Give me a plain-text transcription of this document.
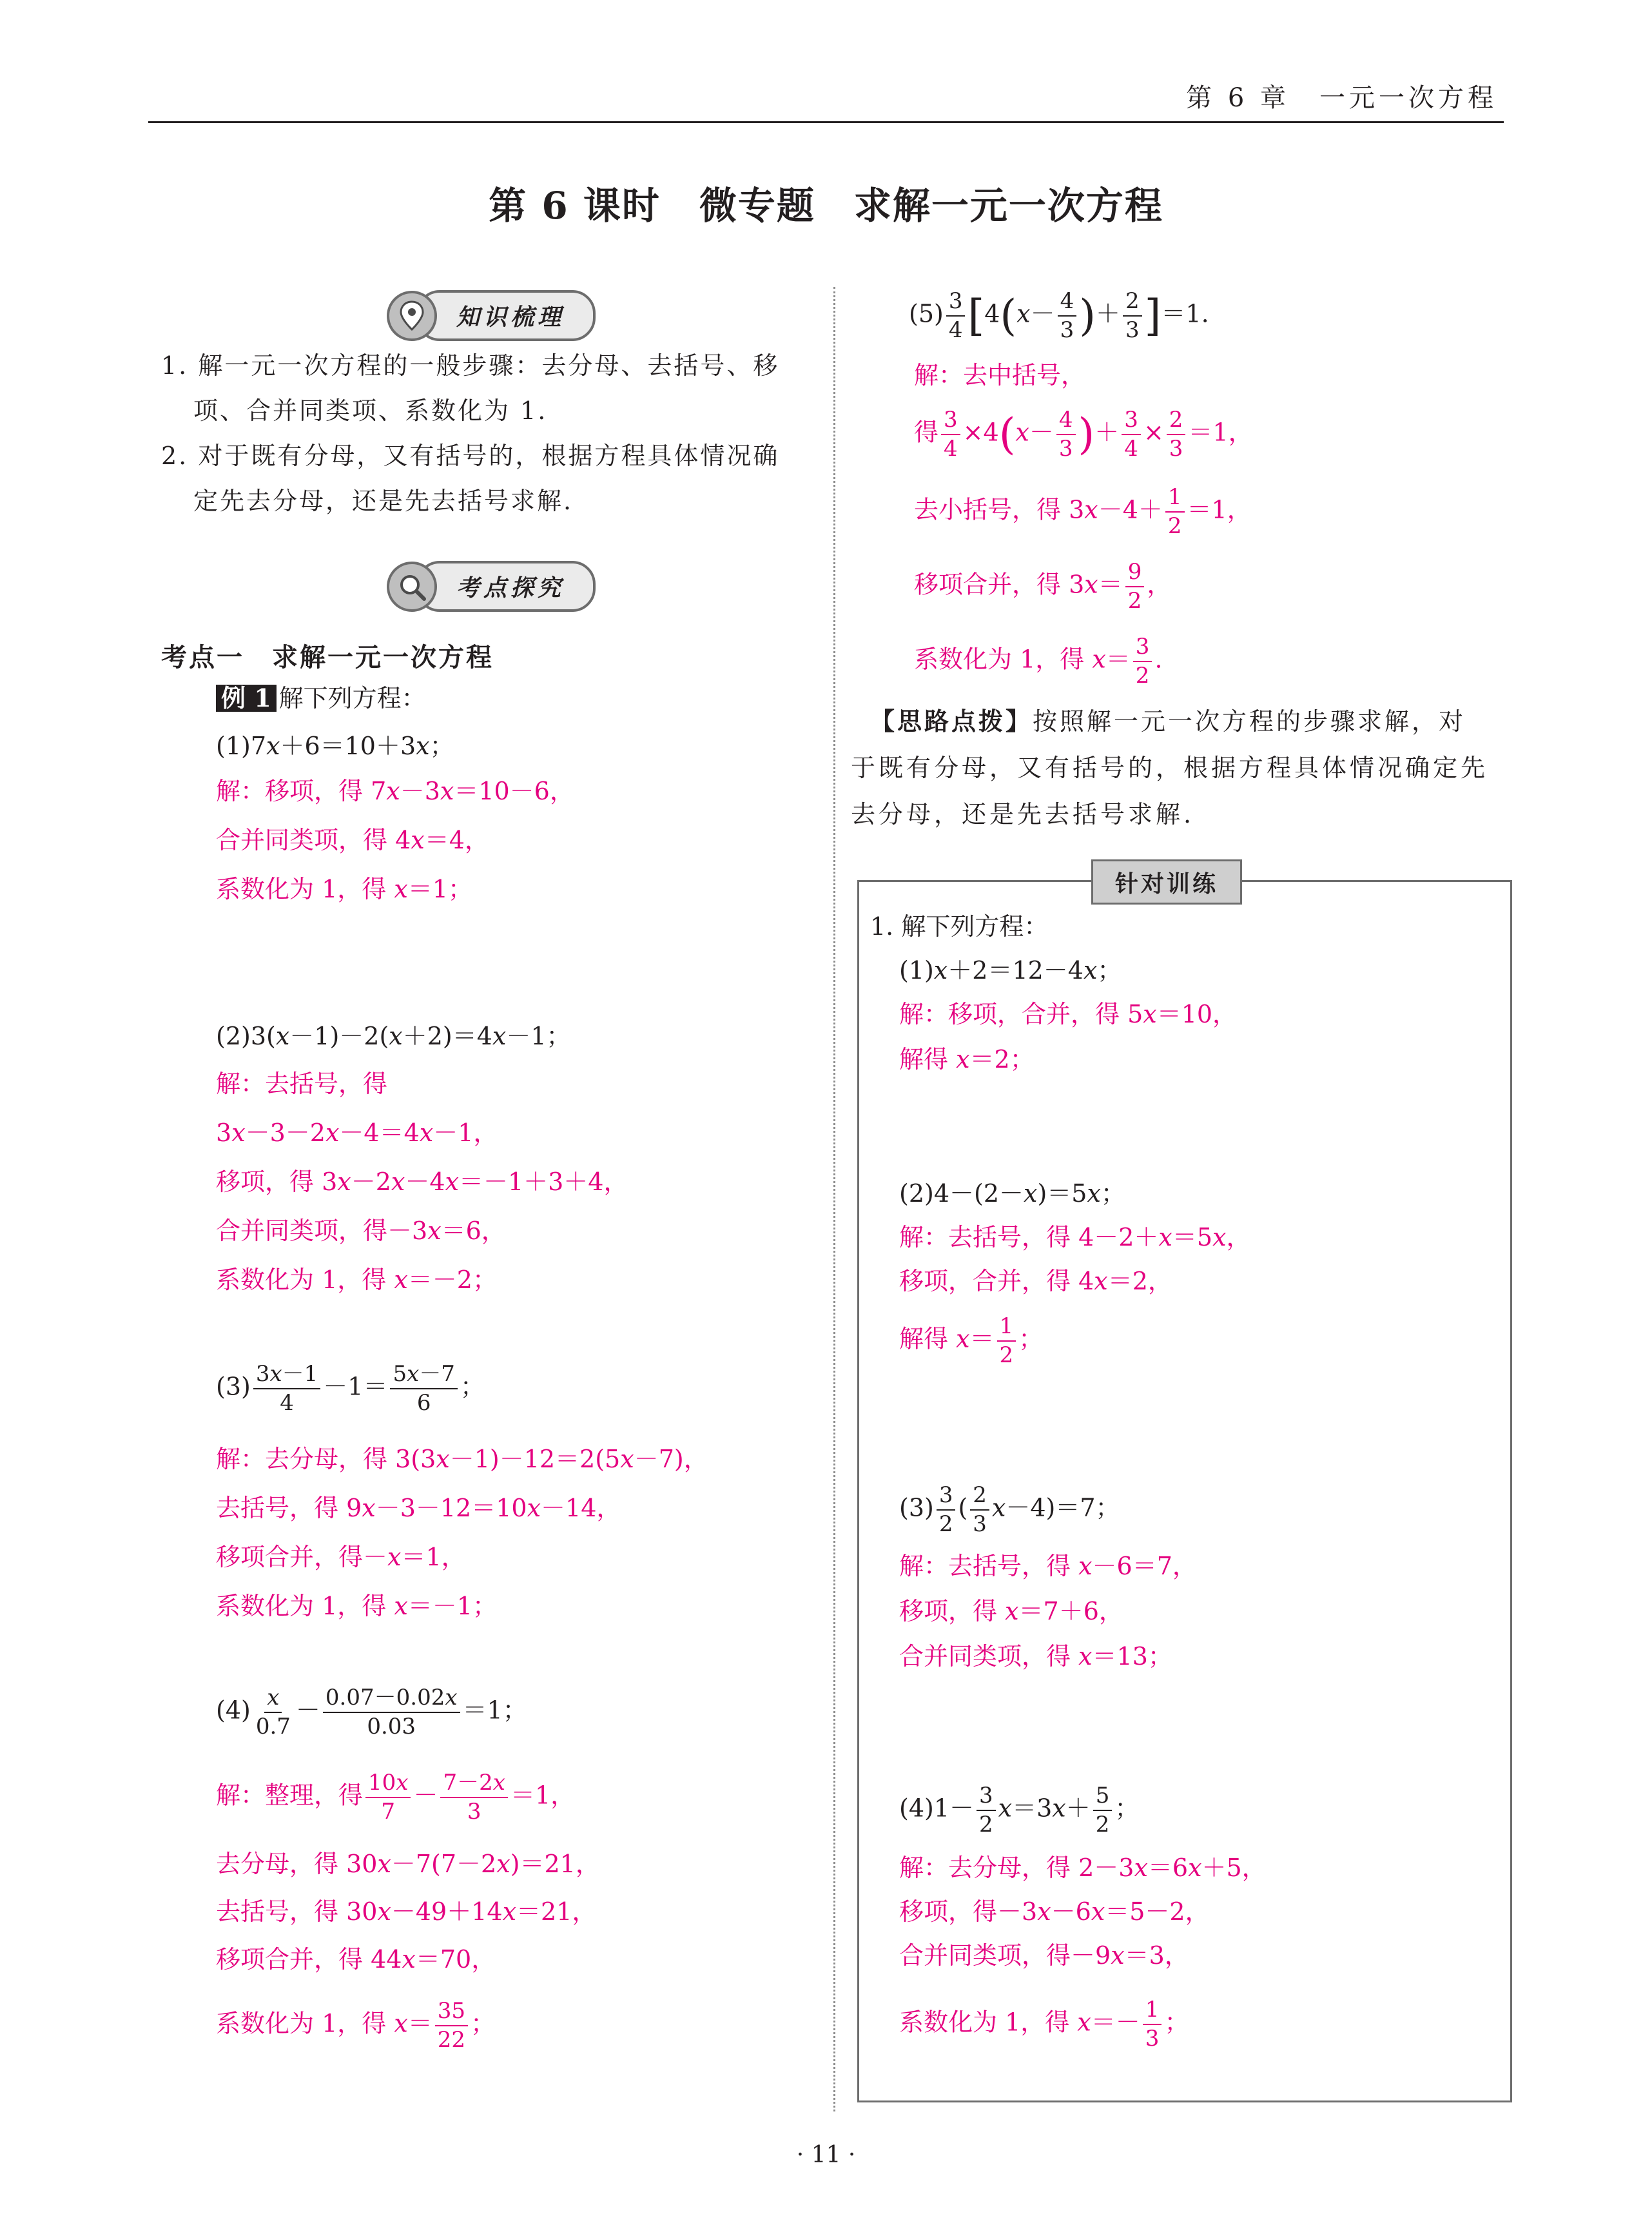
第 6 章　一元一次方程
第 6 课时　微专题　求解一元一次方程
知识梳理
1. 解一元一次方程的一般步骤：去分母、去括号、移
项、合并同类项、系数化为 1.
2. 对于既有分母，又有括号的，根据方程具体情况确
定先去分母，还是先去括号求解.
考点探究
考点一　求解一元一次方程
例 1 解下列方程：
(1)7x＋6＝10＋3x；
解：移项，得 7x－3x＝10－6，
合并同类项，得 4x＝4，
系数化为 1，得 x＝1；
(2)3(x－1)－2(x＋2)＝4x－1；
解：去括号，得
3x－3－2x－4＝4x－1，
移项，得 3x－2x－4x＝－1＋3＋4，
合并同类项，得－3x＝6，
系数化为 1，得 x＝－2；
$(3) \frac{3x-1}{4} -1= \frac{5x-7}{6}$ ；
解：去分母，得 3(3x－1)－12＝2(5x－7)，
去括号，得 9x－3－12＝10x－14，
移项合并，得－x＝1，
系数化为 1，得 x＝－1；
$(4) \frac{x}{0.7} - \frac{0.07-0.02x}{0.03} =1$；
解：整理，得 $\frac{10x}{7} - \frac{7-2x}{3} =1$，
去分母，得 30x－7(7－2x)＝21，
去括号，得 30x－49＋14x＝21，
移项合并，得 44x＝70，
系数化为 1，得 $x= \frac{35}{22}$ ；
$(5) \frac{3}{4} [4(x- \frac{4}{3}$ )＋ $\frac{2}{3} ]=1$.
解：去中括号，
得 $\frac{3}{4} \times 4(x- \frac{4}{3}$ )＋ $\frac{3}{4} \times \frac{2}{3} =1$，
去小括号，得 $3x-4+ \frac{1}{2} =1$，
移项合并，得 $3x= \frac{9}{2}$ ，
系数化为 1，得 $x= \frac{3}{2}$ .
【思路点拨】按照解一元一次方程的步骤求解，对
于既有分母，又有括号的，根据方程具体情况确定先
去分母，还是先去括号求解.
针对训练
1. 解下列方程：
(1)x＋2＝12－4x；
解：移项，合并，得 5x＝10，
解得 x＝2；
(2)4－(2－x)＝5x；
解：去括号，得 4－2＋x＝5x，
移项，合并，得 4x＝2，
解得 $x= \frac{1}{2}$ ；
$(3) \frac{3}{2}$ ( $\frac{2}{3} x-4)=7$；
解：去括号，得 x－6＝7，
移项，得 x＝7＋6，
合并同类项，得 x＝13；
$(4)1- \frac{3}{2} x=3x+ \frac{5}{2}$ ；
解：去分母，得 2－3x＝6x＋5，
移项，得－3x－6x＝5－2，
合并同类项，得－9x＝3，
系数化为 1，得 $x=- \frac{1}{3}$ ；
· 11 ·
